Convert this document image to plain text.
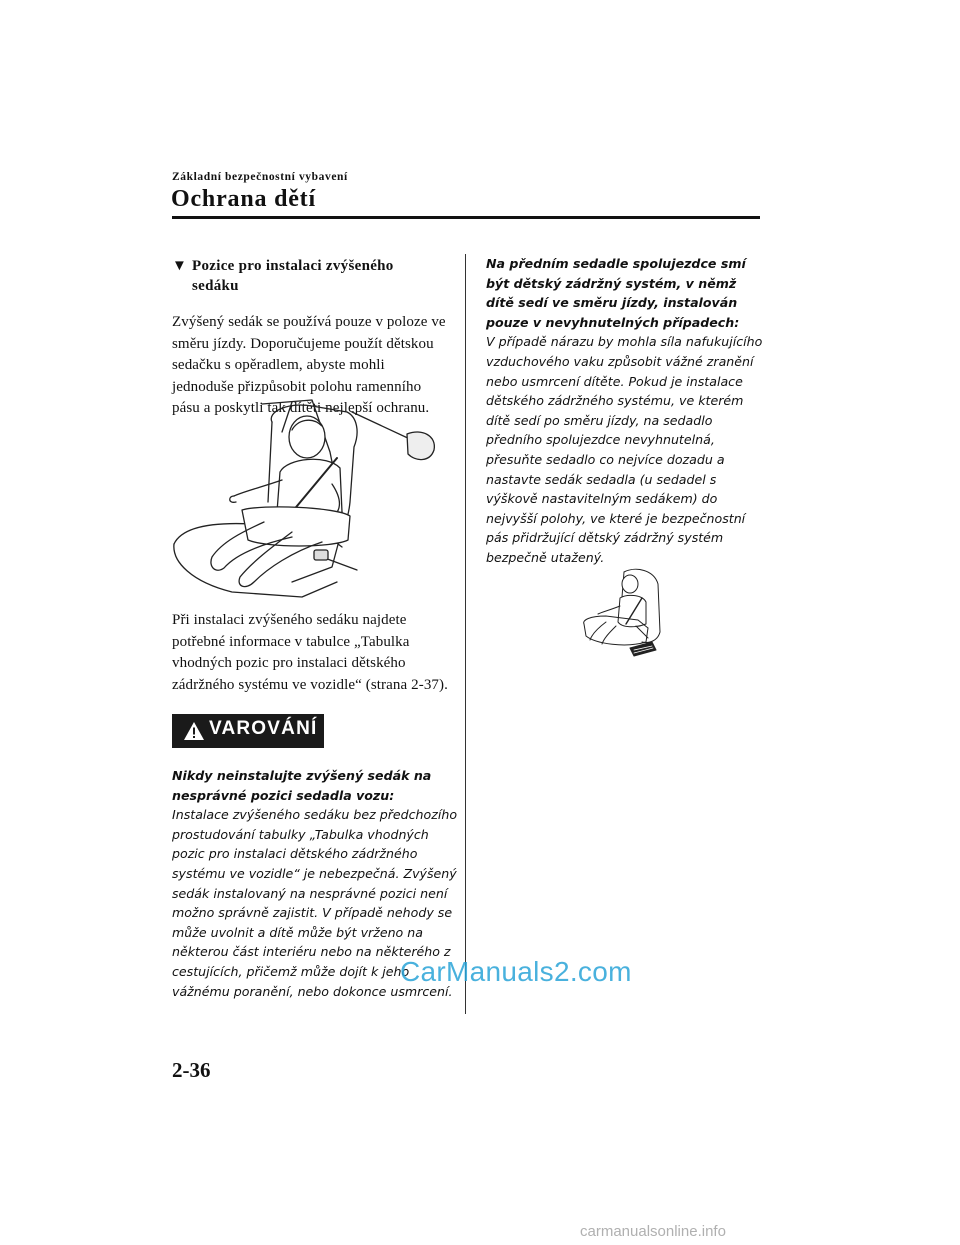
Základní bezpečnostní vybavení
Ochrana dětí
▼ Pozice pro instalaci zvýšeného sedáku
Zvýšený sedák se používá pouze v poloze ve směru jízdy. Doporučujeme použít dětskou sedačku s opěradlem, abyste mohli jednoduše přizpůsobit polohu ramenního pásu a poskytli tak dítěti nejlepší ochranu.
Při instalaci zvýšeného sedáku najdete potřebné informace v tabulce „Tabulka vhodných pozic pro instalaci dětského zádržného systému ve vozidle“ (strana 2-37).
VAROVÁNÍ
Nikdy neinstalujte zvýšený sedák na nesprávné pozici sedadla vozu:
Instalace zvýšeného sedáku bez předchozího prostudování tabulky „Tabulka vhodných pozic pro instalaci dětského zádržného systému ve vozidle“ je nebezpečná. Zvýšený sedák instalovaný na nesprávné pozici není možno správně zajistit. V případě nehody se může uvolnit a dítě může být vrženo na některou část interiéru nebo na některého z cestujících, přičemž může dojít k jeho vážnému poranění, nebo dokonce usmrcení.
Na předním sedadle spolujezdce smí být dětský zádržný systém, v němž dítě sedí ve směru jízdy, instalován pouze v nevyhnutelných případech:
V případě nárazu by mohla síla nafukujícího vzduchového vaku způsobit vážné zranění nebo usmrcení dítěte. Pokud je instalace dětského zádržného systému, ve kterém dítě sedí po směru jízdy, na sedadlo předního spolujezdce nevyhnutelná, přesuňte sedadlo co nejvíce dozadu a nastavte sedák sedadla (u sedadel s výškově nastavitelným sedákem) do nejvyšší polohy, ve které je bezpečnostní pás přidržující dětský zádržný systém bezpečně utažený.
2-36
CarManuals2.com
carmanualsonline.info
